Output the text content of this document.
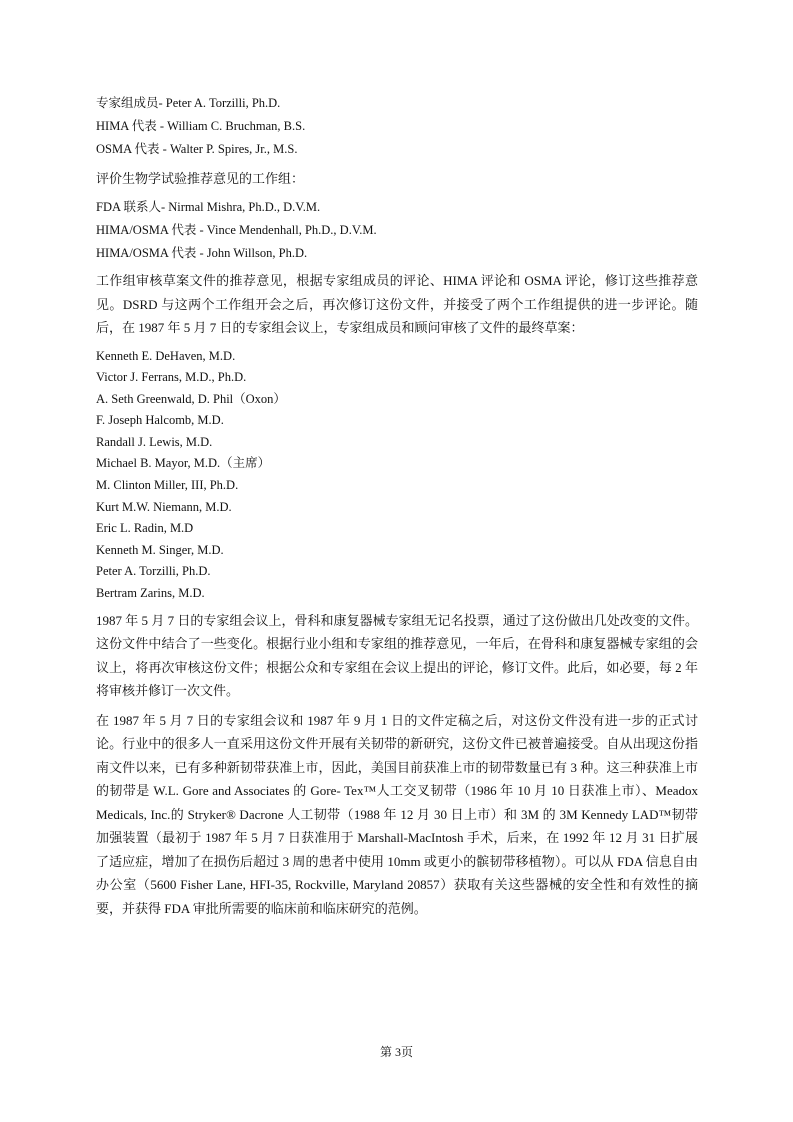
专家组成员- Peter A. Torzilli, Ph.D.

HIMA 代表 - William C. Bruchman, B.S.

OSMA 代表 - Walter P. Spires, Jr., M.S.

评价生物学试验推荐意见的工作组：

FDA 联系人- Nirmal Mishra, Ph.D., D.V.M.

HIMA/OSMA 代表 - Vince Mendenhall, Ph.D., D.V.M.

HIMA/OSMA 代表 - John Willson, Ph.D.

工作组审核草案文件的推荐意见，根据专家组成员的评论、HIMA 评论和 OSMA 评论，修订这些推荐意见。DSRD 与这两个工作组开会之后，再次修订这份文件，并接受了两个工作组提供的进一步评论。随后，在 1987 年 5 月 7 日的专家组会议上，专家组成员和顾问审核了文件的最终草案：

Kenneth E. DeHaven, M.D.

Victor J. Ferrans, M.D., Ph.D.

A. Seth Greenwald, D. Phil（Oxon）

F. Joseph Halcomb, M.D.

Randall J. Lewis, M.D.

Michael B. Mayor, M.D.（主席）

M. Clinton Miller, III, Ph.D.

Kurt M.W. Niemann, M.D.

Eric L. Radin, M.D

Kenneth M. Singer, M.D.

Peter A. Torzilli, Ph.D.

Bertram Zarins, M.D.

1987 年 5 月 7 日的专家组会议上，骨科和康复器械专家组无记名投票，通过了这份做出几处改变的文件。这份文件中结合了一些变化。根据行业小组和专家组的推荐意见，一年后，在骨科和康复器械专家组的会议上，将再次审核这份文件；根据公众和专家组在会议上提出的评论，修订文件。此后，如必要，每 2 年将审核并修订一次文件。

在 1987 年 5 月 7 日的专家组会议和 1987 年 9 月 1 日的文件定稿之后，对这份文件没有进一步的正式讨论。行业中的很多人一直采用这份文件开展有关韧带的新研究，这份文件已被普遍接受。自从出现这份指南文件以来，已有多种新韧带获准上市，因此，美国目前获准上市的韧带数量已有 3 种。这三种获准上市的韧带是 W.L. Gore and Associates 的 Gore- Tex™人工交叉韧带（1986 年 10 月 10 日获准上市）、Meadox Medicals, Inc.的 Stryker® Dacrone 人工韧带（1988 年 12 月 30 日上市）和 3M 的 3M Kennedy LAD™韧带加强装置（最初于 1987 年 5 月 7 日获准用于 Marshall-MacIntosh 手术，后来，在 1992 年 12 月 31 日扩展了适应症，增加了在损伤后超过 3 周的患者中使用 10mm 或更小的髌韧带移植物）。可以从 FDA 信息自由办公室（5600 Fisher Lane, HFI-35, Rockville, Maryland 20857）获取有关这些器械的安全性和有效性的摘要，并获得 FDA 审批所需要的临床前和临床研究的范例。

第 3页
